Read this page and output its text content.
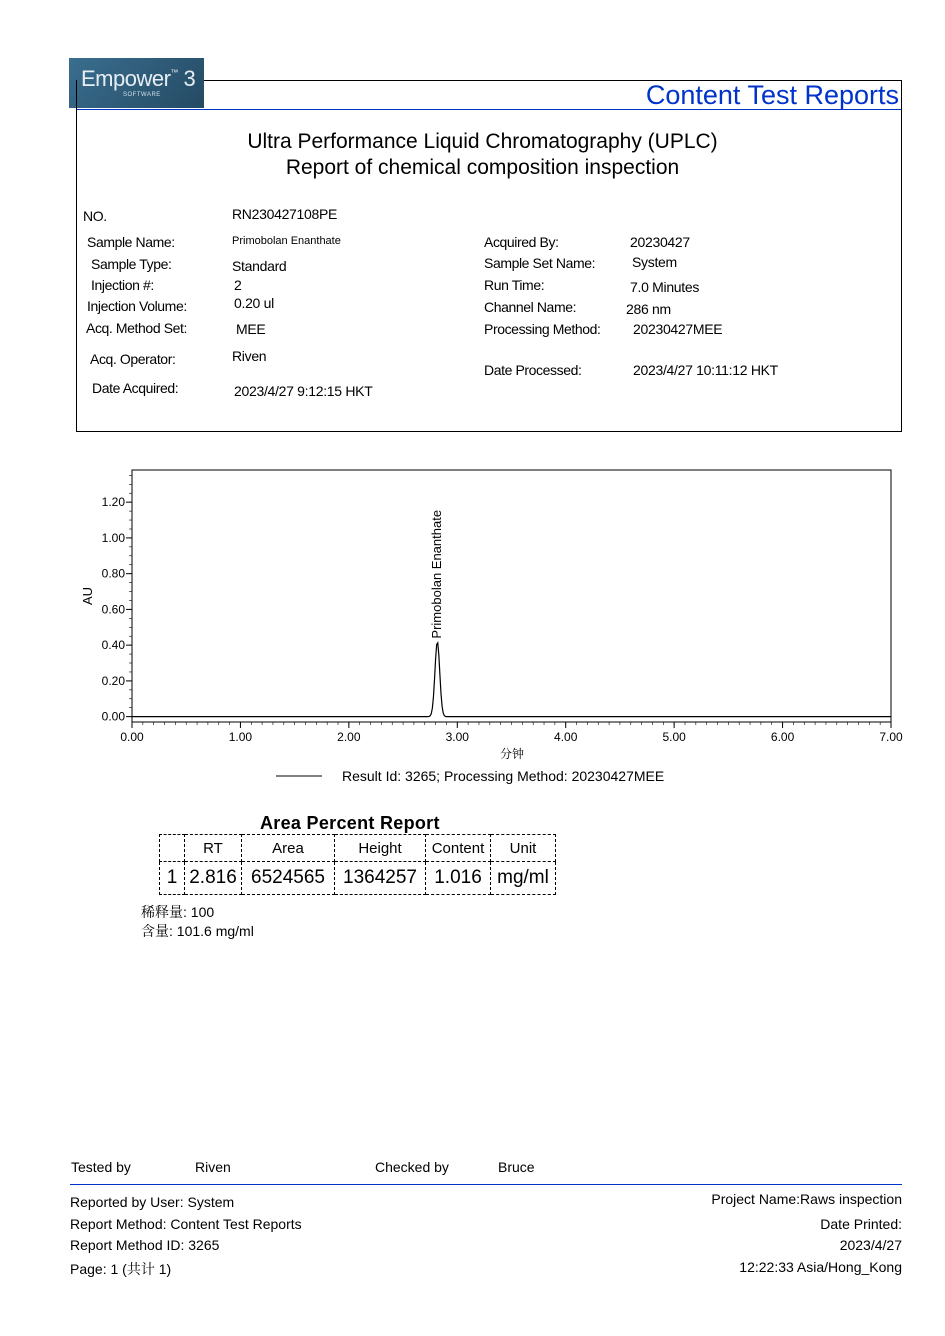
Empower™ 3
SOFTWARE	Content Test Reports
Ultra Performance Liquid Chromatography (UPLC)
Report of chemical composition inspection
NO.	RN230427108PE
Sample Name:	Primobolan Enanthate
Sample Type:	Standard
Injection #:	2
Injection Volume:	0.20 ul
Acq. Method Set:	MEE
Acq. Operator:	Riven
Date Acquired:	2023/4/27 9:12:15 HKT
Acquired By:	20230427
Sample Set Name:	System
Run Time:	7.0 Minutes
Channel Name:	286 nm
Processing Method: 20230427MEE
Date Processed:	2023/4/27 10:11:12 HKT
0.00	1.00	2.00	3.00	4.00	5.00	6.00	7.00
0.00
0.20
0.40
0.60
0.80
1.00
1.20
分钟
AU	Primobolan Enanthate
Result Id: 3265; Processing Method: 20230427MEE
Area Percent Report
	RT	Area	Height	Content	Unit
1	2.816	6524565	1364257	1.016	mg/ml
稀释量: 100
含量: 101.6 mg/ml
Tested by	Riven	Checked by	Bruce
Reported by User: System
Report Method: Content Test Reports
Report Method ID: 3265
Page: 1 (共计 1)
Project Name:Raws inspection
Date Printed:
2023/4/27
12:22:33 Asia/Hong_Kong
